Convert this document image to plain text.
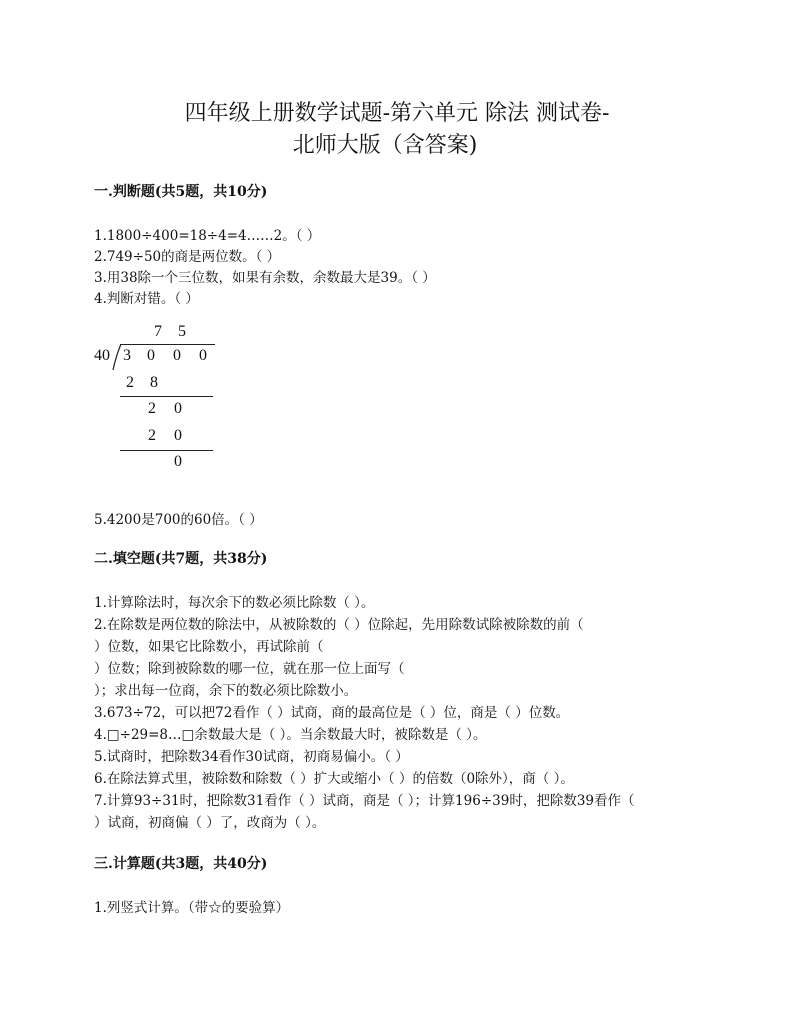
四年级上册数学试题-第六单元 除法 测试卷-
北师大版（含答案)
一.判断题(共5题，共10分)
1.1800÷400=18÷4=4……2。（ ）
2.749÷50的商是两位数。（ ）
3.用38除一个三位数，如果有余数，余数最大是39。（ ）
4.判断对错。（ ）
7 5
40 3 0 0 0
2 8
2 0
2 0
0
5.4200是700的60倍。（ ）
二.填空题(共7题，共38分)
1.计算除法时，每次余下的数必须比除数（ ）。
2.在除数是两位数的除法中，从被除数的（ ）位除起，先用除数试除被除数的前（
）位数，如果它比除数小，再试除前（
）位数；除到被除数的哪一位，就在那一位上面写（
）；求出每一位商，余下的数必须比除数小。
3.673÷72，可以把72看作（ ）试商，商的最高位是（ ）位，商是（ ）位数。
4.□÷29=8…□余数最大是（ ）。当余数最大时，被除数是（ ）。
5.试商时，把除数34看作30试商，初商易偏小。（ ）
6.在除法算式里，被除数和除数（ ）扩大或缩小（ ）的倍数（0除外），商（ ）。
7.计算93÷31时，把除数31看作（ ）试商，商是（ ）；计算196÷39时，把除数39看作（
）试商，初商偏（ ）了，改商为（ ）。
三.计算题(共3题，共40分)
1.列竖式计算。（带☆的要验算）
